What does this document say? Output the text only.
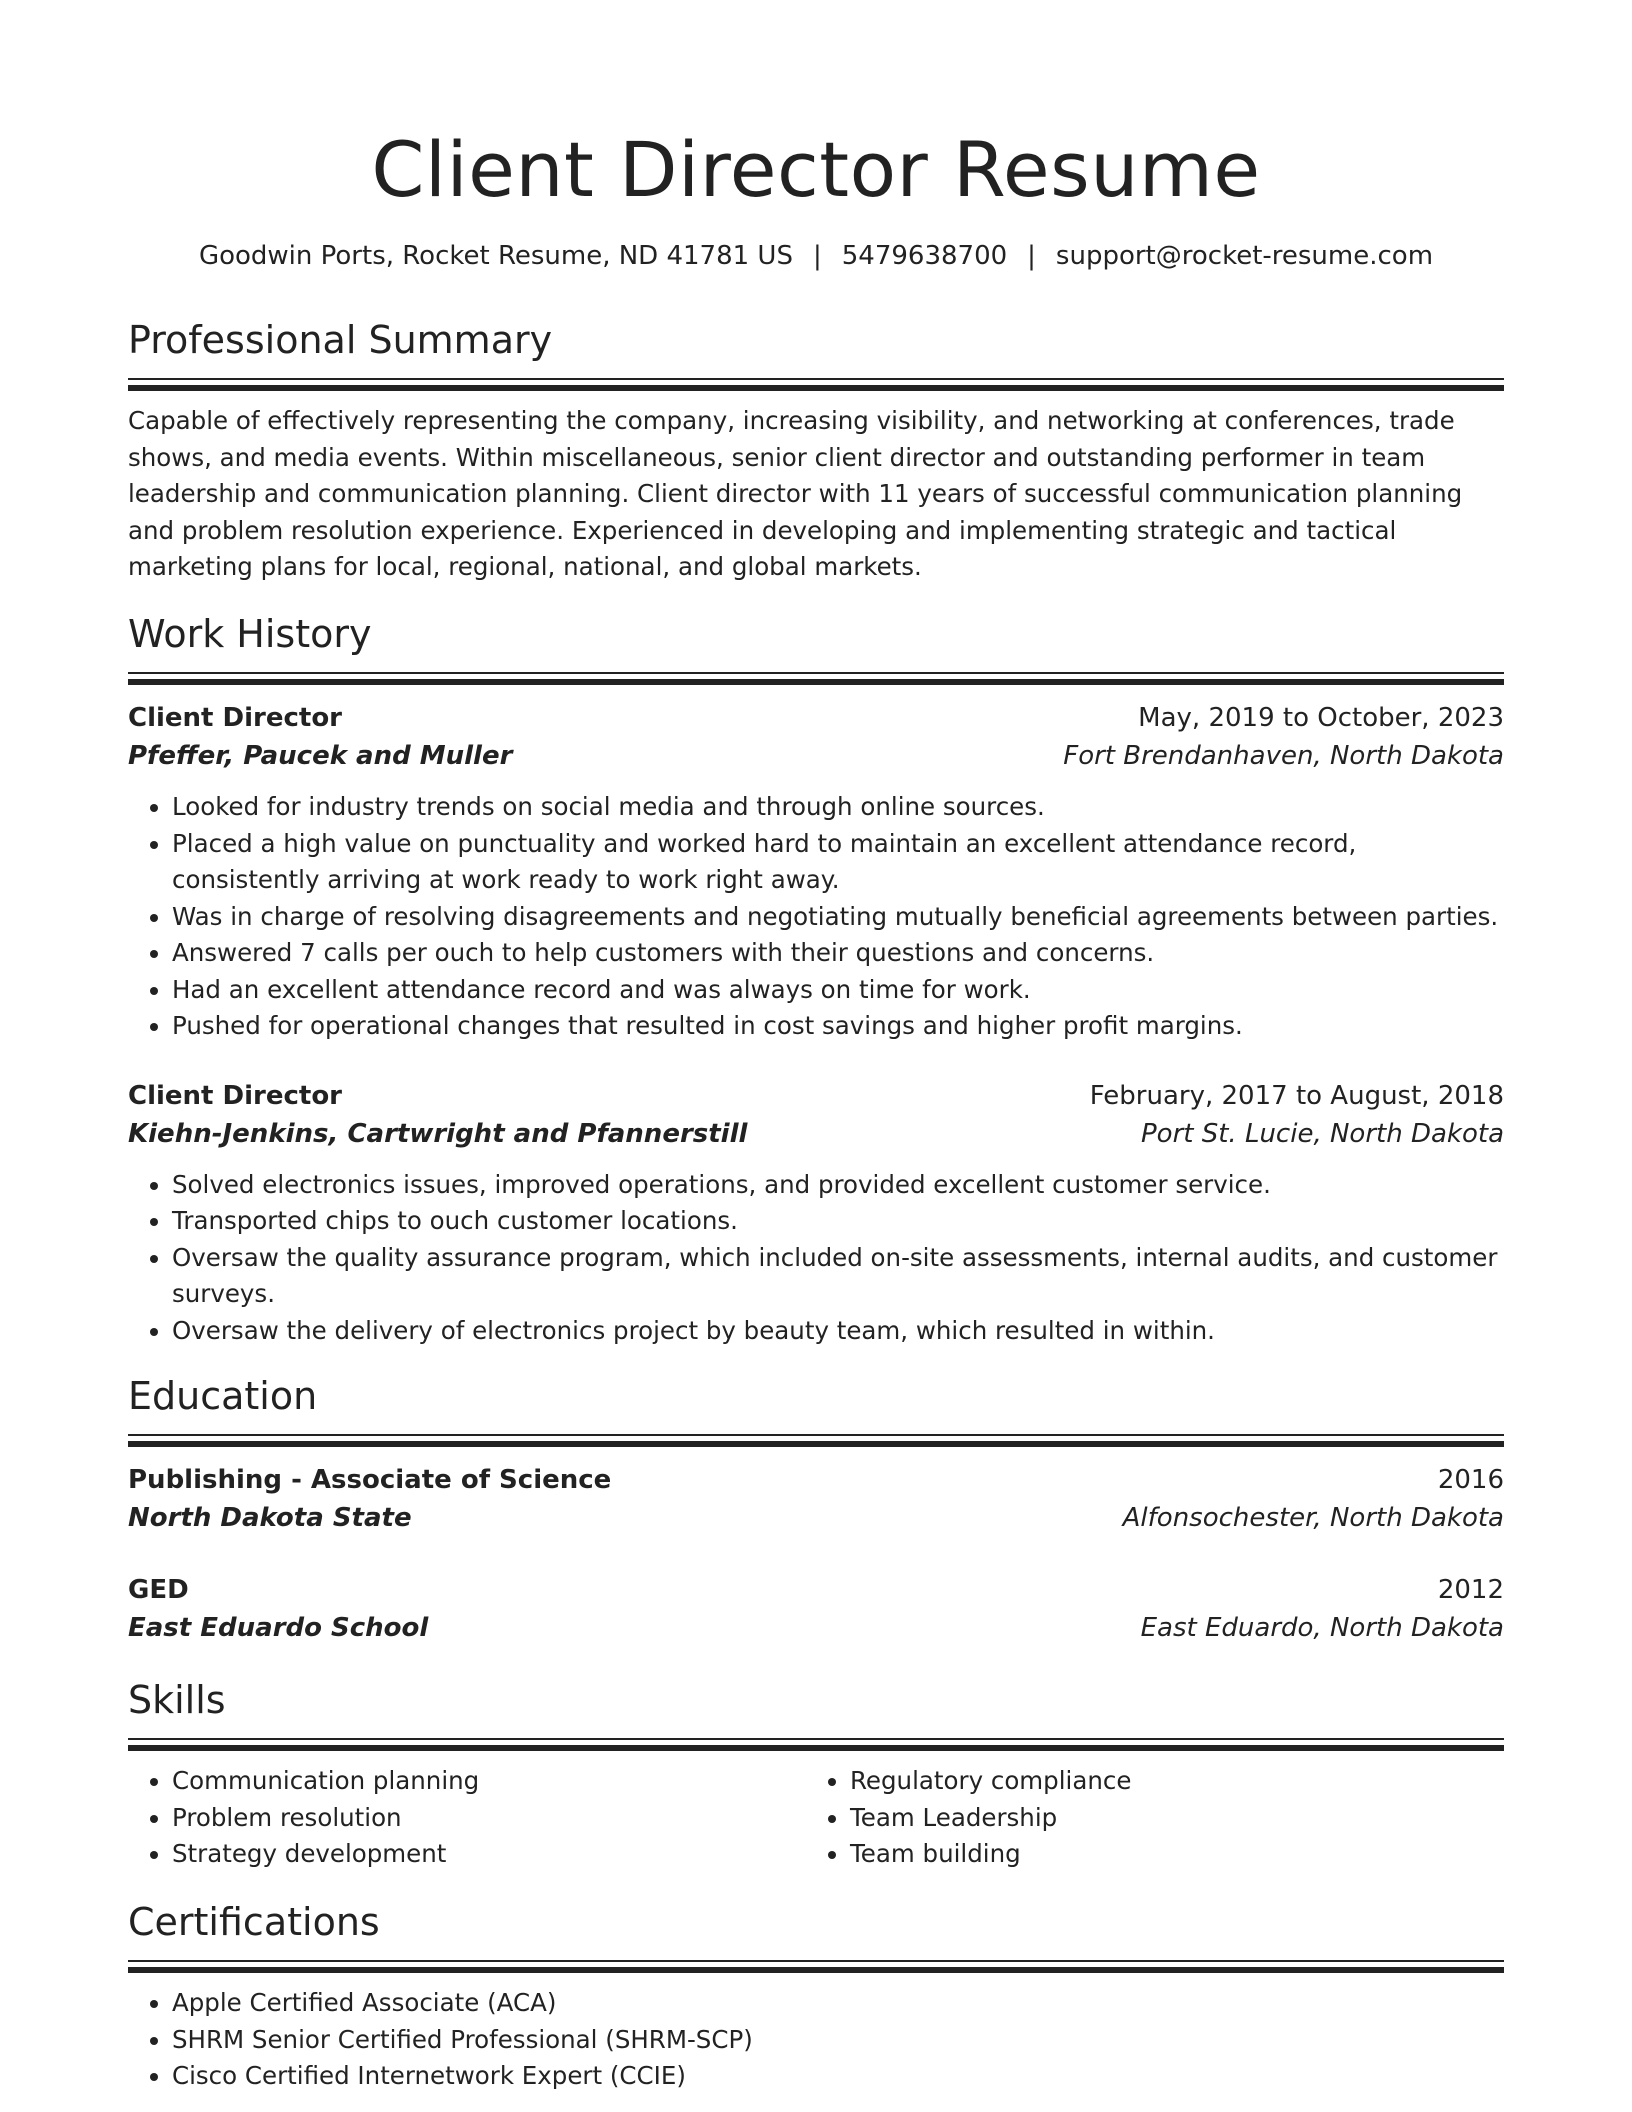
Client Director Resume
Goodwin Ports, Rocket Resume, ND 41781 US | 5479638700 | support@rocket-resume.com
Professional Summary
Capable of effectively representing the company, increasing visibility, and networking at conferences, trade shows, and media events. Within miscellaneous, senior client director and outstanding performer in team leadership and communication planning. Client director with 11 years of successful communication planning and problem resolution experience. Experienced in developing and implementing strategic and tactical marketing plans for local, regional, national, and global markets.
Work History
Client Director	May, 2019 to October, 2023
Pfeffer, Paucek and Muller	Fort Brendanhaven, North Dakota
• Looked for industry trends on social media and through online sources.
• Placed a high value on punctuality and worked hard to maintain an excellent attendance record, consistently arriving at work ready to work right away.
• Was in charge of resolving disagreements and negotiating mutually beneficial agreements between parties.
• Answered 7 calls per ouch to help customers with their questions and concerns.
• Had an excellent attendance record and was always on time for work.
• Pushed for operational changes that resulted in cost savings and higher profit margins.
Client Director	February, 2017 to August, 2018
Kiehn-Jenkins, Cartwright and Pfannerstill	Port St. Lucie, North Dakota
• Solved electronics issues, improved operations, and provided excellent customer service.
• Transported chips to ouch customer locations.
• Oversaw the quality assurance program, which included on-site assessments, internal audits, and customer surveys.
• Oversaw the delivery of electronics project by beauty team, which resulted in within.
Education
Publishing - Associate of Science	2016
North Dakota State	Alfonsochester, North Dakota
GED	2012
East Eduardo School	East Eduardo, North Dakota
Skills
• Communication planning
• Problem resolution
• Strategy development
• Regulatory compliance
• Team Leadership
• Team building
Certifications
• Apple Certified Associate (ACA)
• SHRM Senior Certified Professional (SHRM-SCP)
• Cisco Certified Internetwork Expert (CCIE)
